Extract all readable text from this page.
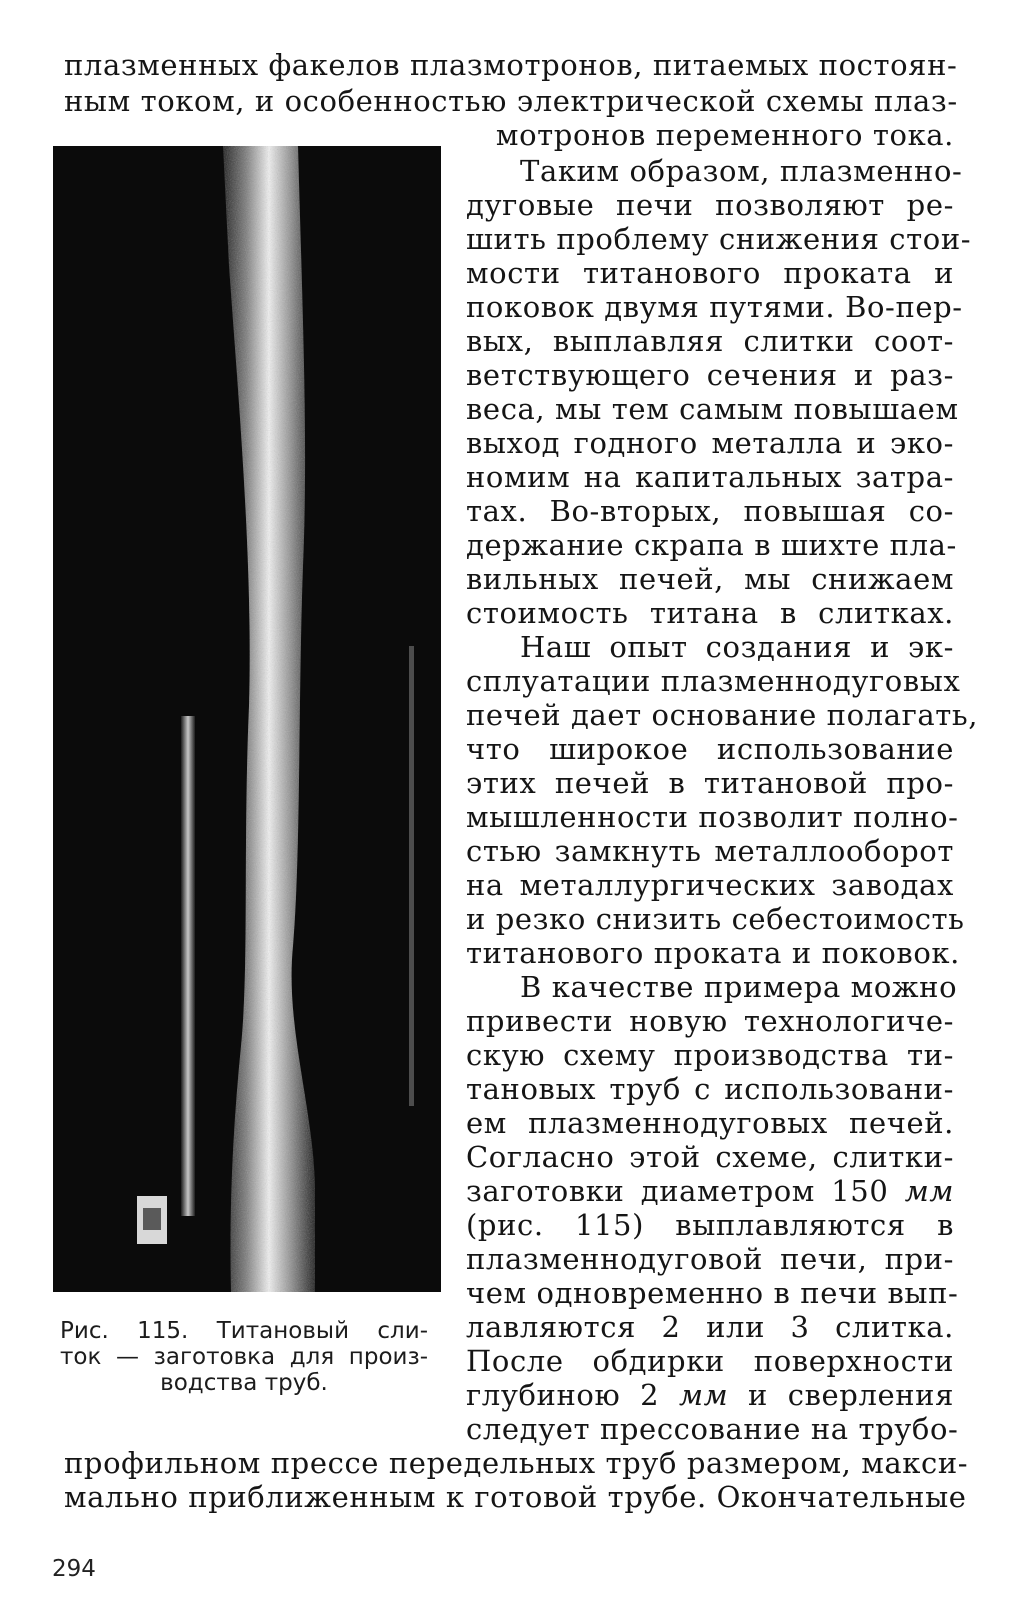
плазменных факелов плазмотронов, питаемых постоян-

ным током, и особенностью электрической схемы плаз-

мотронов переменного тока.

Таким образом, плазменно-

дуговые печи позволяют ре-

шить проблему снижения стои-

мости титанового проката и

поковок двумя путями. Во-пер-

вых, выплавляя слитки соот-

ветствующего сечения и раз-

веса, мы тем самым повышаем

выход годного металла и эко-

номим на капитальных затра-

тах. Во-вторых, повышая со-

держание скрапа в шихте пла-

вильных печей, мы снижаем

стоимость титана в слитках.

Наш опыт создания и эк-

сплуатации плазменнодуговых

печей дает основание полагать,

что широкое использование

этих печей в титановой про-

мышленности позволит полно-

стью замкнуть металлооборот

на металлургических заводах

и резко снизить себестоимость

титанового проката и поковок.

В качестве примера можно

привести новую технологиче-

скую схему производства ти-

тановых труб с использовани-

ем плазменнодуговых печей.

Согласно этой схеме, слитки-

заготовки диаметром 150 мм

(рис. 115) выплавляются в

плазменнодуговой печи, при-

чем одновременно в печи вып-

лавляются 2 или 3 слитка.

После обдирки поверхности

глубиною 2 мм и сверления

следует прессование на трубо-

профильном прессе передельных труб размером, макси-

мально приближенным к готовой трубе. Окончательные

Рис. 115. Титановый сли-
ток — заготовка для произ-
водства труб.

294
